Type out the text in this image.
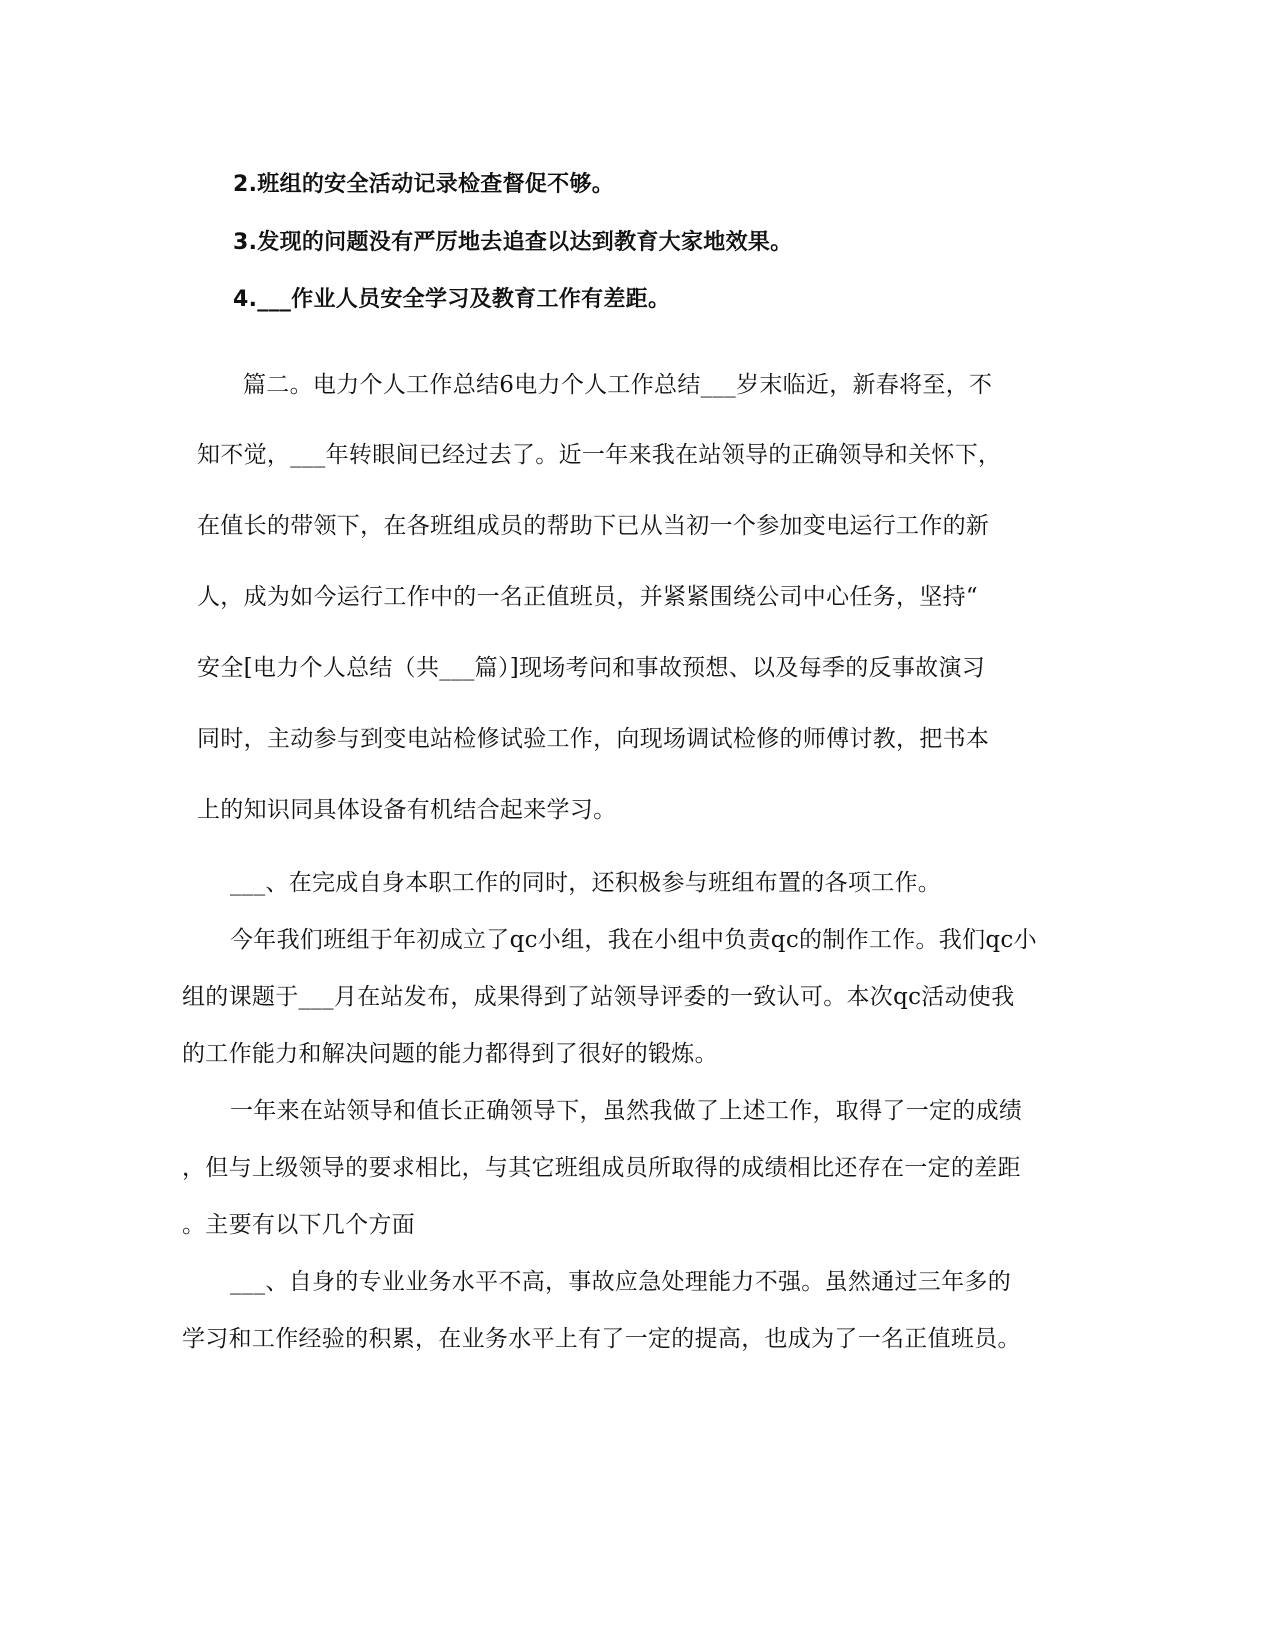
2.班组的安全活动记录检查督促不够。
3.发现的问题没有严厉地去追查以达到教育大家地效果。
4.___作业人员安全学习及教育工作有差距。
篇二。电力个人工作总结6电力个人工作总结___岁末临近，新春将至，不
知不觉，___年转眼间已经过去了。近一年来我在站领导的正确领导和关怀下，
在值长的带领下，在各班组成员的帮助下已从当初一个参加变电运行工作的新
人，成为如今运行工作中的一名正值班员，并紧紧围绕公司中心任务，坚持“
安全[电力个人总结（共___篇）]现场考问和事故预想、以及每季的反事故演习
同时，主动参与到变电站检修试验工作，向现场调试检修的师傅讨教，把书本
上的知识同具体设备有机结合起来学习。
___、在完成自身本职工作的同时，还积极参与班组布置的各项工作。
今年我们班组于年初成立了qc小组，我在小组中负责qc的制作工作。我们qc小
组的课题于___月在站发布，成果得到了站领导评委的一致认可。本次qc活动使我
的工作能力和解决问题的能力都得到了很好的锻炼。
一年来在站领导和值长正确领导下，虽然我做了上述工作，取得了一定的成绩
，但与上级领导的要求相比，与其它班组成员所取得的成绩相比还存在一定的差距
。主要有以下几个方面
___、自身的专业业务水平不高，事故应急处理能力不强。虽然通过三年多的
学习和工作经验的积累，在业务水平上有了一定的提高，也成为了一名正值班员。
